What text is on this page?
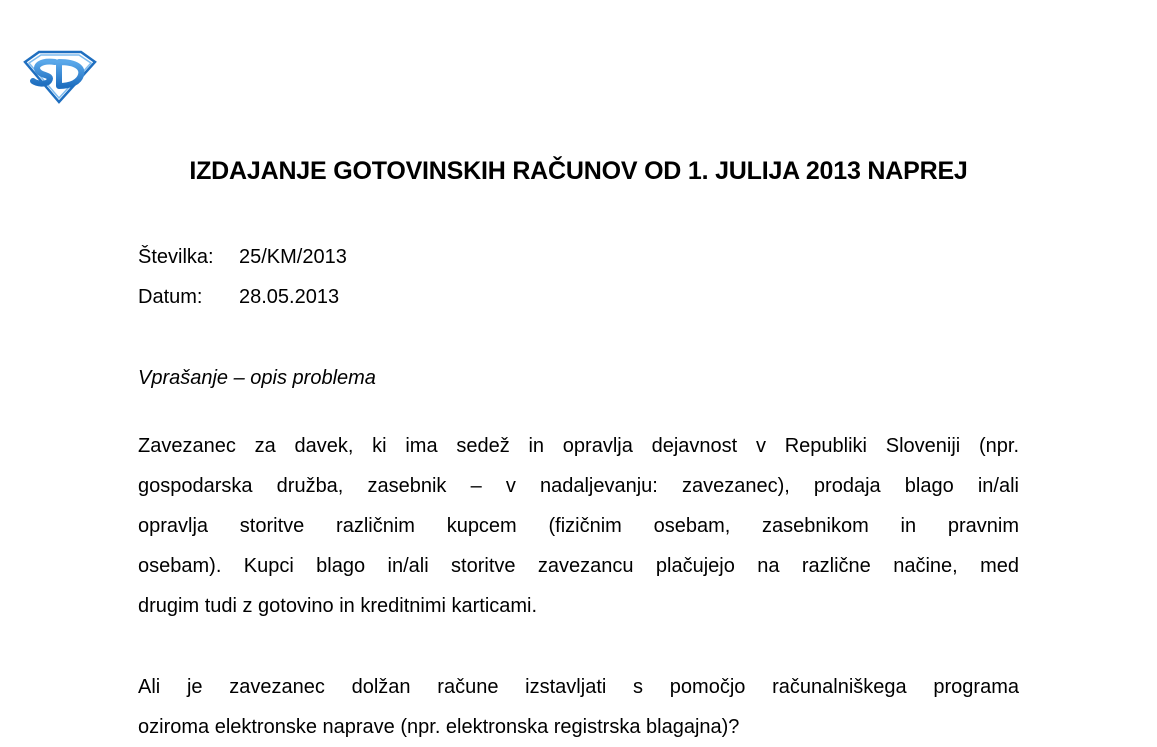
IZDAJANJE GOTOVINSKIH RAČUNOV OD 1. JULIJA 2013 NAPREJ
Številka: 25/KM/2013
Datum: 28.05.2013
Vprašanje – opis problema
Zavezanec za davek, ki ima sedež in opravlja dejavnost v Republiki Sloveniji (npr.
gospodarska družba, zasebnik – v nadaljevanju: zavezanec), prodaja blago in/ali
opravlja storitve različnim kupcem (fizičnim osebam, zasebnikom in pravnim
osebam). Kupci blago in/ali storitve zavezancu plačujejo na različne načine, med
drugim tudi z gotovino in kreditnimi karticami.
Ali je zavezanec dolžan račune izstavljati s pomočjo računalniškega programa
oziroma elektronske naprave (npr. elektronska registrska blagajna)?
